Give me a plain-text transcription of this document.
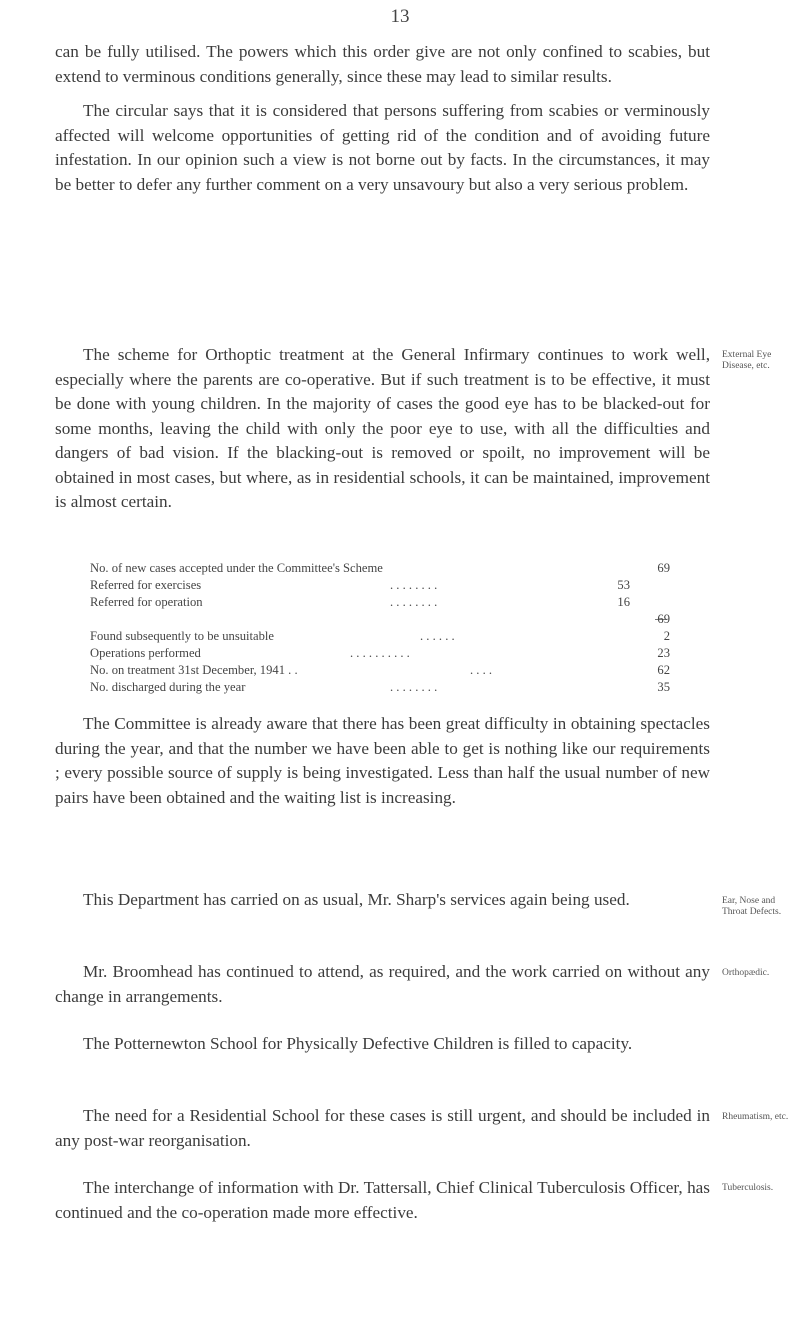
13

can be fully utilised. The powers which this order give are not only confined to scabies, but extend to verminous conditions generally, since these may lead to similar results.

The circular says that it is considered that persons suffering from scabies or verminously affected will welcome opportunities of getting rid of the condition and of avoiding future infestation. In our opinion such a view is not borne out by facts. In the circumstances, it may be better to defer any further comment on a very unsavoury but also a very serious problem.

The scheme for Orthoptic treatment at the General Infirmary continues to work well, especially where the parents are co-operative. But if such treatment is to be effective, it must be done with young children. In the majority of cases the good eye has to be blacked-out for some months, leaving the child with only the poor eye to use, with all the difficulties and dangers of bad vision. If the blacking-out is removed or spoilt, no improvement will be obtained in most cases, but where, as in residential schools, it can be maintained, improvement is almost certain.

External Eye Disease, etc.
No. of new cases accepted under the Committee's Scheme	69
Referred for exercises	. . . . . . . .	53
Referred for operation	. . . . . . . .	16
69
Found subsequently to be unsuitable	. . . . . .	2
Operations performed	. . . . . . . . . .	23
No. on treatment 31st December, 1941 . .	. . . .	62
No. discharged during the year	. . . . . . . .	35

The Committee is already aware that there has been great difficulty in obtaining spectacles during the year, and that the number we have been able to get is nothing like our requirements ; every possible source of supply is being investigated. Less than half the usual number of new pairs have been obtained and the waiting list is increasing.

This Department has carried on as usual, Mr. Sharp's services again being used.	Ear, Nose and Throat Defects.

Mr. Broomhead has continued to attend, as required, and the work carried on without any change in arrangements.

Orthopædic.

The Potternewton School for Physically Defective Children is filled to capacity.

The need for a Residential School for these cases is still urgent, and should be included in any post-war reorganisation.

Rheumatism, etc.

The interchange of information with Dr. Tattersall, Chief Clinical Tuberculosis Officer, has continued and the co-operation made more effective.

Tuberculosis.
